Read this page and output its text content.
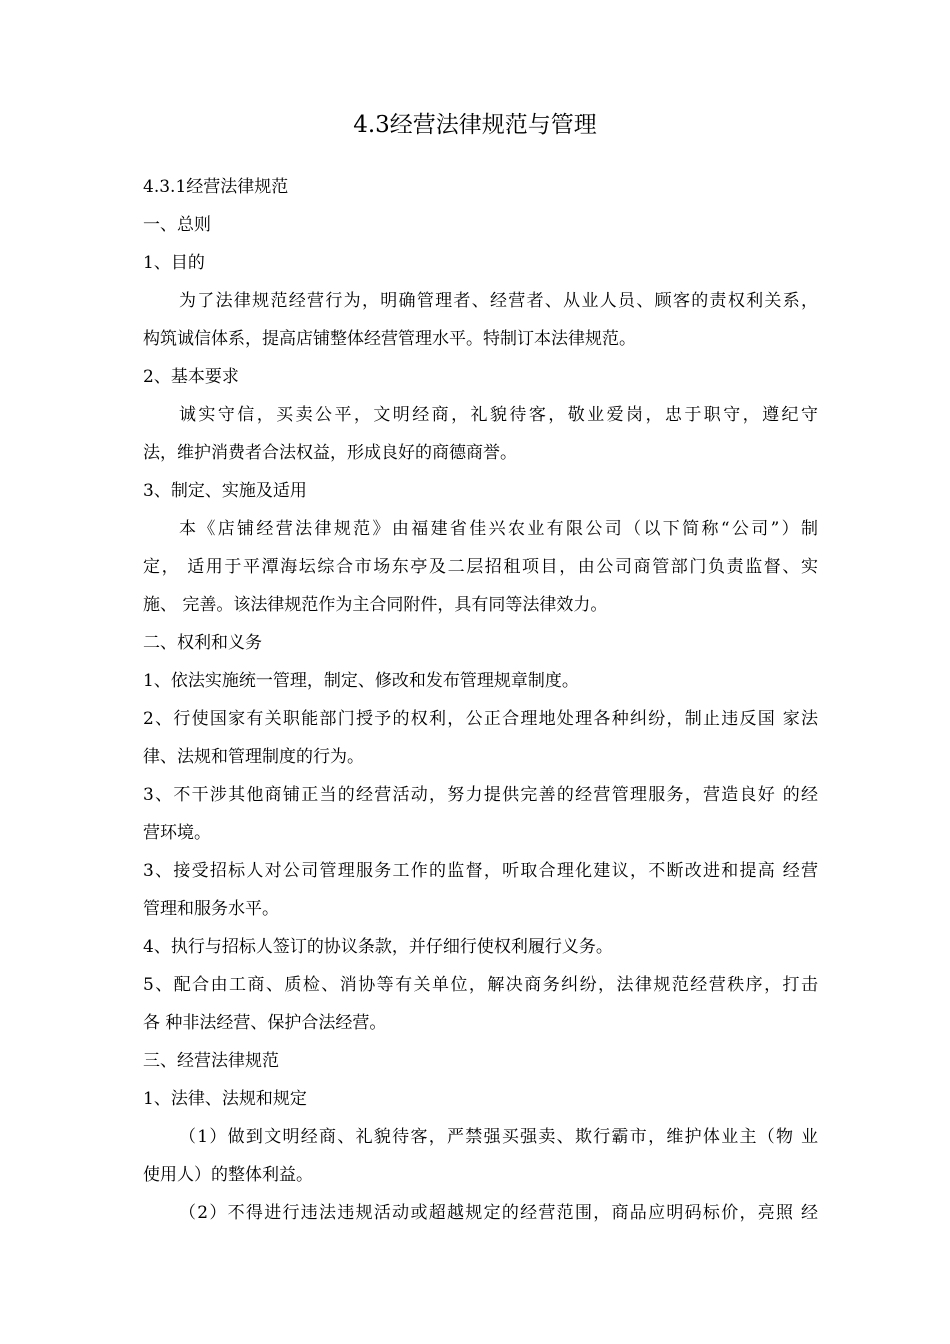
4.3经营法律规范与管理
4.3.1经营法律规范
一、总则
1、目的
为了法律规范经营行为，明确管理者、经营者、从业人员、顾客的责权利关系，
构筑诚信体系，提高店铺整体经营管理水平。特制订本法律规范。
2、基本要求
诚实守信，买卖公平，文明经商，礼貌待客，敬业爱岗，忠于职守，遵纪守
法，维护消费者合法权益，形成良好的商德商誉。
3、制定、实施及适用
本《店铺经营法律规范》由福建省佳兴农业有限公司（以下简称“公司”）制
定， 适用于平潭海坛综合市场东亭及二层招租项目，由公司商管部门负责监督、实
施、 完善。该法律规范作为主合同附件，具有同等法律效力。
二、权利和义务
1、依法实施统一管理，制定、修改和发布管理规章制度。
2、行使国家有关职能部门授予的权利，公正合理地处理各种纠纷，制止违反国 家法
律、法规和管理制度的行为。
3、不干涉其他商铺正当的经营活动，努力提供完善的经营管理服务，营造良好 的经
营环境。
3、接受招标人对公司管理服务工作的监督，听取合理化建议，不断改进和提高 经营
管理和服务水平。
4、执行与招标人签订的协议条款，并仔细行使权利履行义务。
5、配合由工商、质检、消协等有关单位，解决商务纠纷，法律规范经营秩序，打击
各 种非法经营、保护合法经营。
三、经营法律规范
1、法律、法规和规定
（1）做到文明经商、礼貌待客，严禁强买强卖、欺行霸市，维护体业主（物 业
使用人）的整体利益。
（2）不得进行违法违规活动或超越规定的经营范围，商品应明码标价，亮照 经
